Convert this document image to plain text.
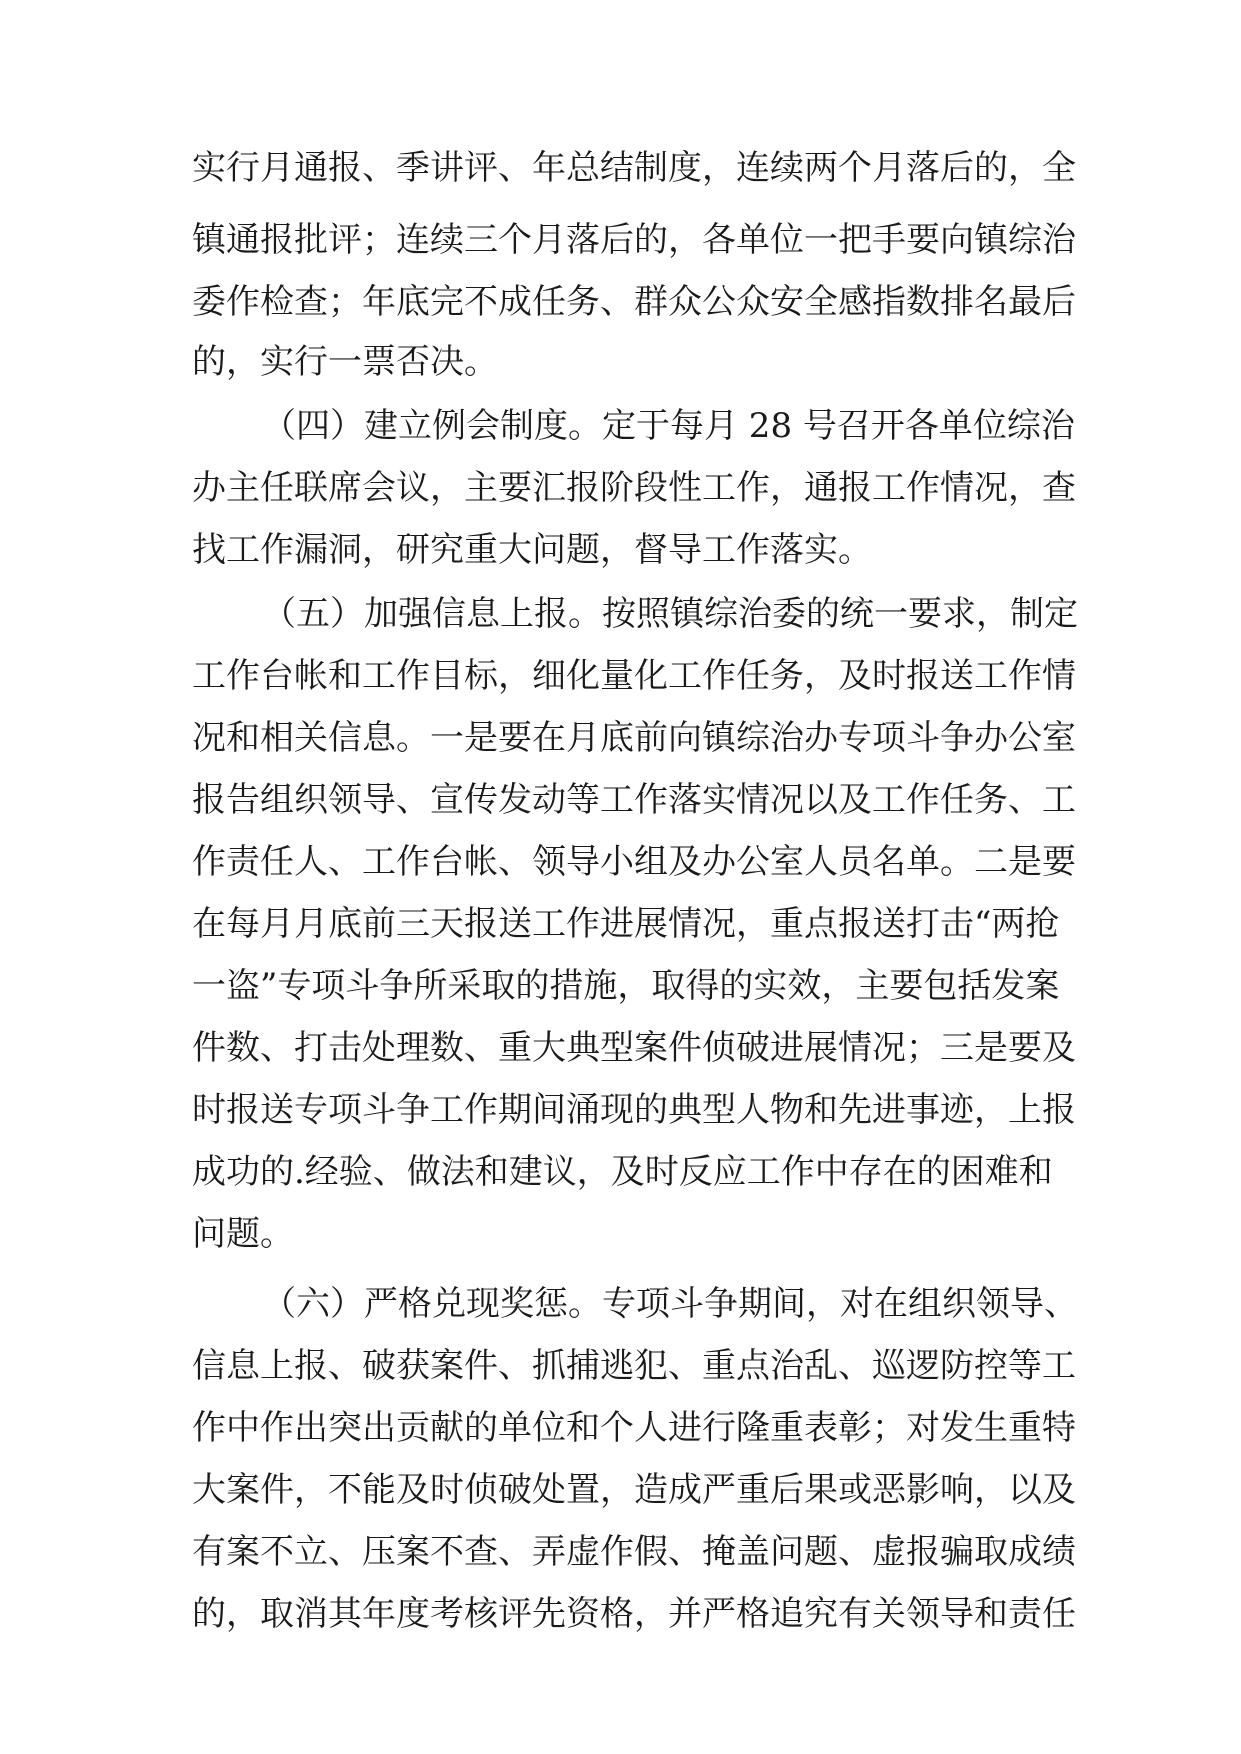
实行月通报、季讲评、年总结制度，连续两个月落后的，全
镇通报批评；连续三个月落后的，各单位一把手要向镇综治
委作检查；年底完不成任务、群众公众安全感指数排名最后
的，实行一票否决。
（四）建立例会制度。定于每月 28 号召开各单位综治
办主任联席会议，主要汇报阶段性工作，通报工作情况，查
找工作漏洞，研究重大问题，督导工作落实。
（五）加强信息上报。按照镇综治委的统一要求，制定
工作台帐和工作目标，细化量化工作任务，及时报送工作情
况和相关信息。一是要在月底前向镇综治办专项斗争办公室
报告组织领导、宣传发动等工作落实情况以及工作任务、工
作责任人、工作台帐、领导小组及办公室人员名单。二是要
在每月月底前三天报送工作进展情况，重点报送打击“两抢
一盗”专项斗争所采取的措施，取得的实效，主要包括发案
件数、打击处理数、重大典型案件侦破进展情况；三是要及
时报送专项斗争工作期间涌现的典型人物和先进事迹，上报
成功的.经验、做法和建议，及时反应工作中存在的困难和
问题。
（六）严格兑现奖惩。专项斗争期间，对在组织领导、
信息上报、破获案件、抓捕逃犯、重点治乱、巡逻防控等工
作中作出突出贡献的单位和个人进行隆重表彰；对发生重特
大案件，不能及时侦破处置，造成严重后果或恶影响，以及
有案不立、压案不查、弄虚作假、掩盖问题、虚报骗取成绩
的，取消其年度考核评先资格，并严格追究有关领导和责任
